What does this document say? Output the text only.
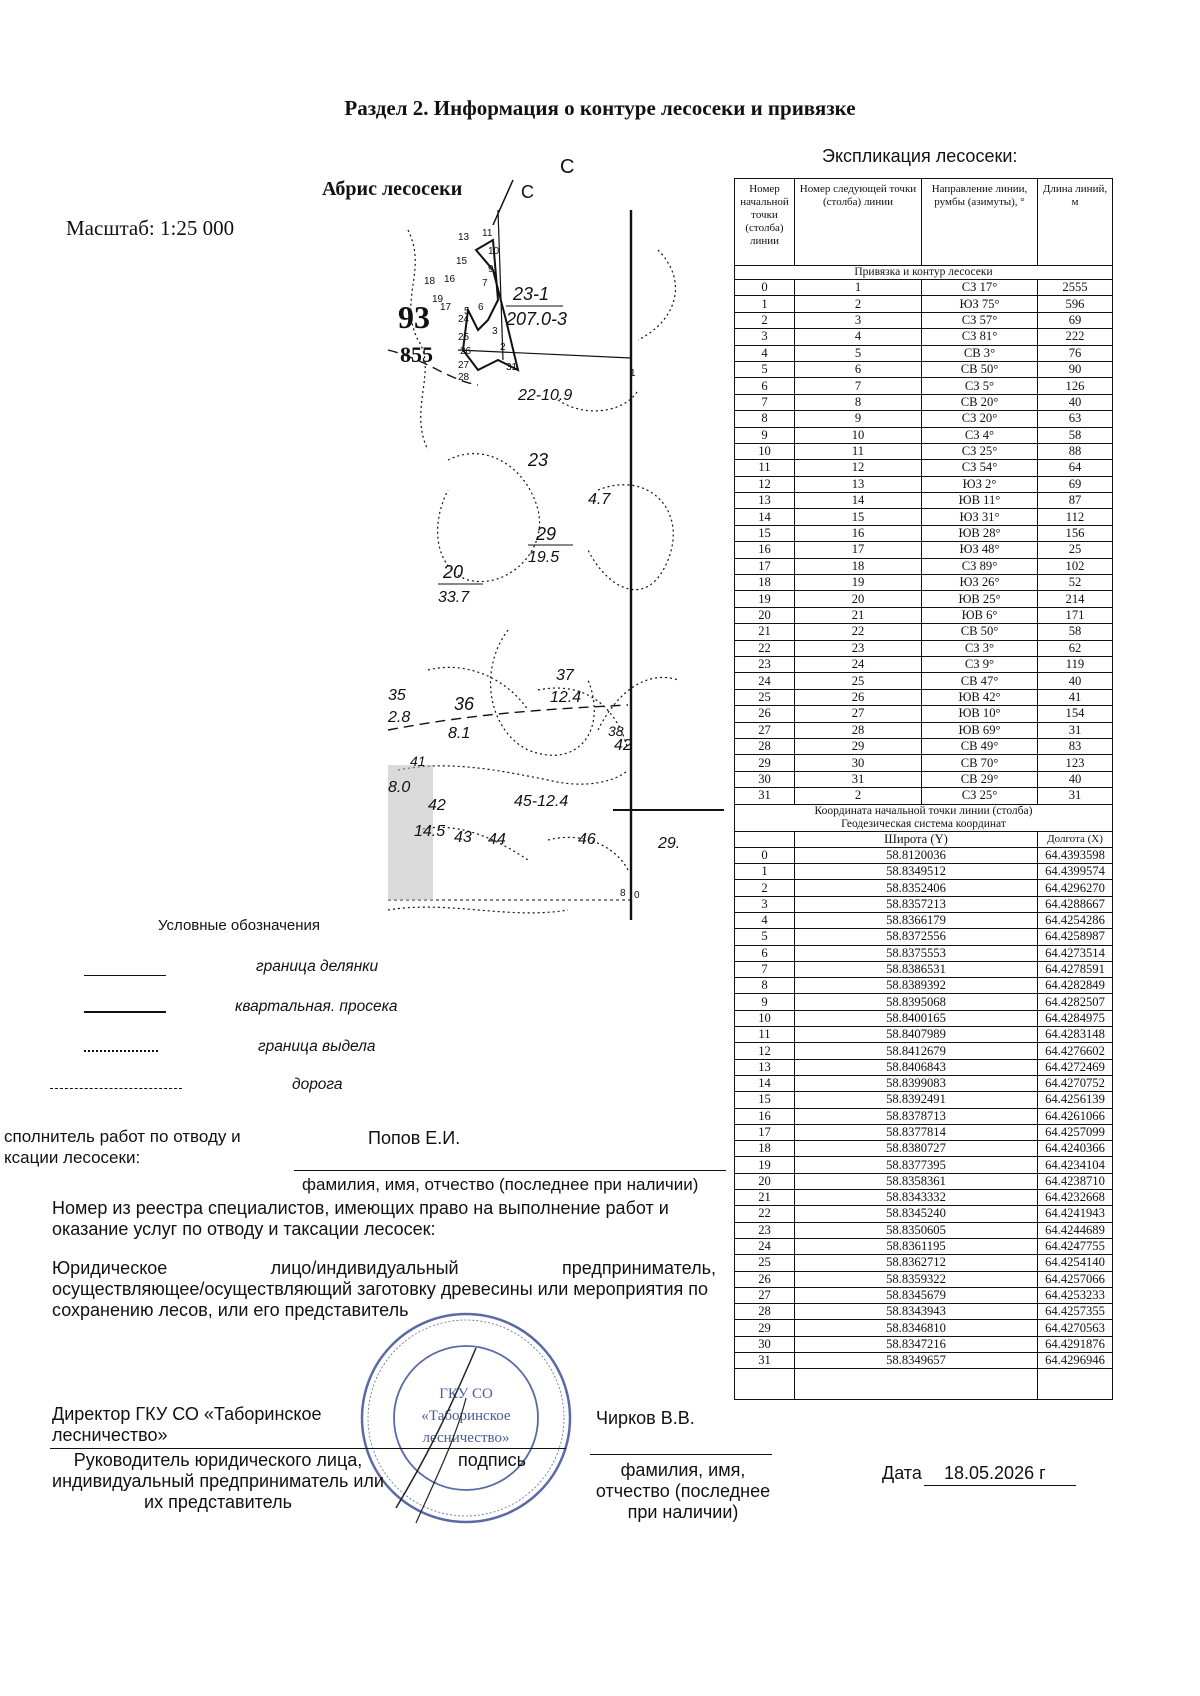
Раздел 2. Информация о контуре лесосеки и привязке
Экспликация лесосеки:
Абрис лесосеки
Масштаб: 1:25 000	13 11
10
15
9
18 16	7
19
17	6
5
24
3
25
26	2
27
28
31
1
8 0
23-1
207.0-3
22-10.9
23
29
19.5
20
33.7
4.7
37
12.4
35
2.8
36
8.1
41
8.0
42
14.5 43 44
45-12.4
46
38
42
29.
93
855
С
С
Номер начальной точки (столба) линии	Номер следующей точки (столба) линии	Направление линии, румбы (азимуты), °	Длина линий, м
Привязка и контур лесосеки			
0	1	СЗ 17°	2555
1	2	ЮЗ 75°	596
2	3	СЗ 57°	69
3	4	СЗ 81°	222
4	5	СВ 3°	76
5	6	СВ 50°	90
6	7	СЗ 5°	126
7	8	СВ 20°	40
8	9	СЗ 20°	63
9	10	СЗ 4°	58
10	11	СЗ 25°	88
11	12	СЗ 54°	64
12	13	ЮЗ 2°	69
13	14	ЮВ 11°	87
14	15	ЮЗ 31°	112
15	16	ЮВ 28°	156
16	17	ЮЗ 48°	25
17	18	СЗ 89°	102
18	19	ЮЗ 26°	52
19	20	ЮВ 25°	214
20	21	ЮВ 6°	171
21	22	СВ 50°	58
22	23	СЗ 3°	62
23	24	СЗ 9°	119
24	25	СВ 47°	40
25	26	ЮВ 42°	41
26	27	ЮВ 10°	154
27	28	ЮВ 69°	31
28	29	СВ 49°	83
29	30	СВ 70°	123
30	31	СВ 29°	40
31	2	СЗ 25°	31
Координата начальной точки линии (столба)
Геодезическая система координат			
	Широта (Y)		Долгота (X)
0	58.8120036		64.4393598
1	58.8349512		64.4399574
2	58.8352406		64.4296270
3	58.8357213		64.4288667
4	58.8366179		64.4254286
5	58.8372556		64.4258987
6	58.8375553		64.4273514
7	58.8386531		64.4278591
8	58.8389392		64.4282849
9	58.8395068		64.4282507
10	58.8400165		64.4284975
11	58.8407989		64.4283148
12	58.8412679		64.4276602
13	58.8406843		64.4272469
14	58.8399083		64.4270752
15	58.8392491		64.4256139
16	58.8378713		64.4261066
17	58.8377814		64.4257099
18	58.8380727		64.4240366
19	58.8377395		64.4234104
20	58.8358361		64.4238710
21	58.8343332		64.4232668
22	58.8345240		64.4241943
23	58.8350605		64.4244689
24	58.8361195		64.4247755
25	58.8362712		64.4254140
26	58.8359322		64.4257066
27	58.8345679		64.4253233
28	58.8343943		64.4257355
29	58.8346810		64.4270563
30	58.8347216		64.4291876
31	58.8349657		64.4296946

Условные обозначения
граница делянки
квартальная. просека
граница выдела
дорога
сполнитель работ по отводу и
ксации лесосеки:
Попов Е.И.
фамилия, имя, отчество (последнее при наличии)
Номер из реестра специалистов, имеющих право на выполнение работ и
оказание услуг по отводу и таксации лесосек:
Юридическое	лицо/индивидуальный	предприниматель,
осуществляющее/осуществляющий заготовку древесины или мероприятия по
сохранению лесов, или его представитель
ГКУ СО
«Таборинское
лесничество»
Директор ГКУ СО «Таборинское
лесничество»
Чирков В.В.
Руководитель юридического лица,
индивидуальный предприниматель или
их представитель
подпись	фамилия, имя,
отчество (последнее
при наличии)
Дата 18.05.2026 г
